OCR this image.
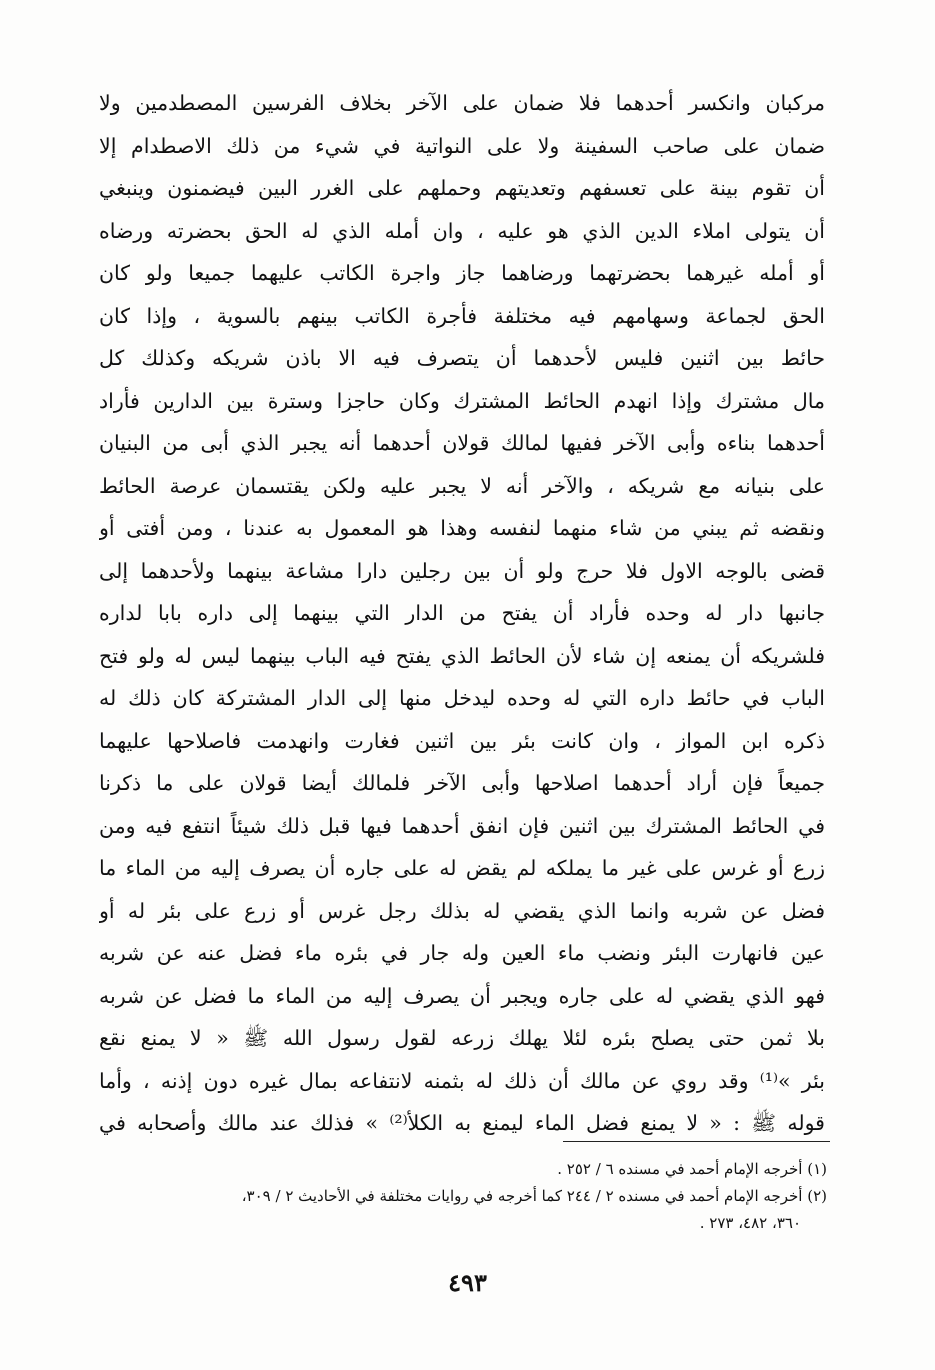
مركبان وانكسر أحدهما فلا ضمان على الآخر بخلاف الفرسين المصطدمين ولا
ضمان على صاحب السفينة ولا على النواتية في شيء من ذلك الاصطدام إلا
أن تقوم بينة على تعسفهم وتعديتهم وحملهم على الغرر البين فيضمنون وينبغي
أن يتولى املاء الدين الذي هو عليه ، وان أمله الذي له الحق بحضرته ورضاه
أو أمله غيرهما بحضرتهما ورضاهما جاز واجرة الكاتب عليهما جميعا ولو كان
الحق لجماعة وسهامهم فيه مختلفة فأجرة الكاتب بينهم بالسوية ، وإذا كان
حائط بين اثنين فليس لأحدهما أن يتصرف فيه الا باذن شريكه وكذلك كل
مال مشترك وإذا انهدم الحائط المشترك وكان حاجزا وسترة بين الدارين فأراد
أحدهما بناءه وأبى الآخر ففيها لمالك قولان أحدهما أنه يجبر الذي أبى من البنيان
على بنيانه مع شريكه ، والآخر أنه لا يجبر عليه ولكن يقتسمان عرصة الحائط
ونقضه ثم يبني من شاء منهما لنفسه وهذا هو المعمول به عندنا ، ومن أفتى أو
قضى بالوجه الاول فلا حرج ولو أن بين رجلين دارا مشاعة بينهما ولأحدهما إلى
جانبها دار له وحده فأراد أن يفتح من الدار التي بينهما إلى داره بابا لداره
فلشريكه أن يمنعه إن شاء لأن الحائط الذي يفتح فيه الباب بينهما ليس له ولو فتح
الباب في حائط داره التي له وحده ليدخل منها إلى الدار المشتركة كان ذلك له
ذكره ابن المواز ، وان كانت بئر بين اثنين فغارت وانهدمت فاصلاحها عليهما
جميعاً فإن أراد أحدهما اصلاحها وأبى الآخر فلمالك أيضا قولان على ما ذكرنا
في الحائط المشترك بين اثنين فإن انفق أحدهما فيها قبل ذلك شيئاً انتفع فيه ومن
زرع أو غرس على غير ما يملكه لم يقض له على جاره أن يصرف إليه من الماء ما
فضل عن شربه وانما الذي يقضي له بذلك رجل غرس أو زرع على بئر له أو
عين فانهارت البئر ونضب ماء العين وله جار في بئره ماء فضل عنه عن شربه
فهو الذي يقضي له على جاره ويجبر أن يصرف إليه من الماء ما فضل عن شربه
بلا ثمن حتى يصلح بئره لئلا يهلك زرعه لقول رسول الله ﷺ « لا يمنع نقع
بئر »⁽¹⁾ وقد روي عن مالك أن ذلك له بثمنه لانتفاعه بمال غيره دون إذنه ، وأما
قوله ﷺ : « لا يمنع فضل الماء ليمنع به الكلأ⁽²⁾ » فذلك عند مالك وأصحابه في
(١) أخرجه الإمام أحمد في مسنده ٦ / ٢٥٢ .
(٢) أخرجه الإمام أحمد في مسنده ٢ / ٢٤٤ كما أخرجه في روايات مختلفة في الأحاديث ٢ / ٣٠٩،
٣٦٠، ٤٨٢، ٢٧٣ .
٤٩٣
